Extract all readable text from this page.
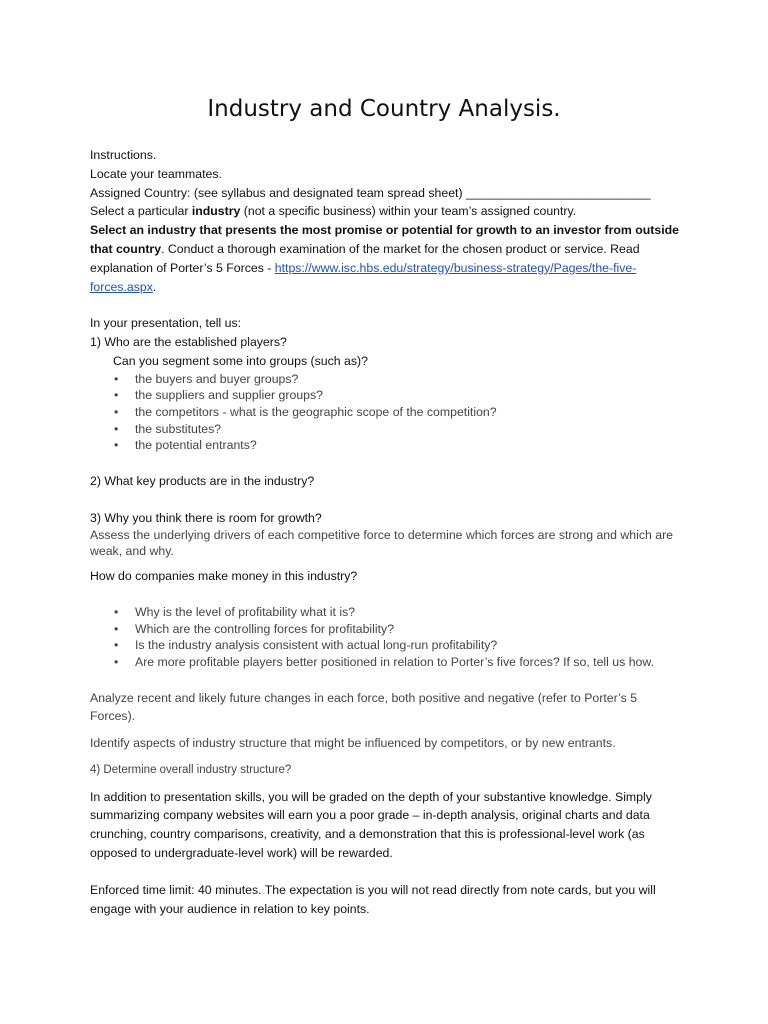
Industry and Country Analysis.

Instructions.

Locate your teammates.

Assigned Country: (see syllabus and designated team spread sheet) ___________________________

Select a particular industry (not a specific business) within your team’s assigned country.

Select an industry that presents the most promise or potential for growth to an investor from outside that country. Conduct a thorough examination of the market for the chosen product or service. Read explanation of Porter’s 5 Forces - https://www.isc.hbs.edu/strategy/business-strategy/Pages/the-five-forces.aspx.

In your presentation, tell us:

1) Who are the established players?

Can you segment some into groups (such as)?

• the buyers and buyer groups?
• the suppliers and supplier groups?
• the competitors - what is the geographic scope of the competition?
• the substitutes?
• the potential entrants?

2) What key products are in the industry?

3) Why you think there is room for growth?

Assess the underlying drivers of each competitive force to determine which forces are strong and which are weak, and why.

How do companies make money in this industry?

• Why is the level of profitability what it is?
• Which are the controlling forces for profitability?
• Is the industry analysis consistent with actual long-run profitability?
• Are more profitable players better positioned in relation to Porter’s five forces? If so, tell us how.

Analyze recent and likely future changes in each force, both positive and negative (refer to Porter’s 5 Forces).

Identify aspects of industry structure that might be influenced by competitors, or by new entrants.

4) Determine overall industry structure?

In addition to presentation skills, you will be graded on the depth of your substantive knowledge. Simply summarizing company websites will earn you a poor grade – in-depth analysis, original charts and data crunching, country comparisons, creativity, and a demonstration that this is professional-level work (as opposed to undergraduate-level work) will be rewarded.

Enforced time limit: 40 minutes. The expectation is you will not read directly from note cards, but you will engage with your audience in relation to key points.
